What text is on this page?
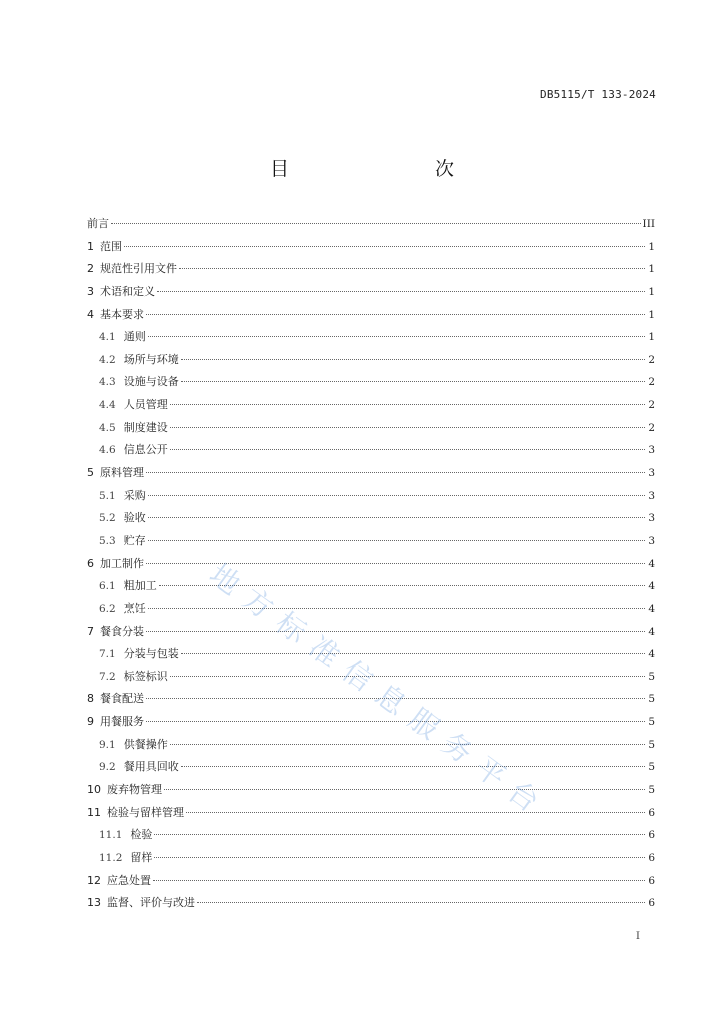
DB5115/T 133-2024
目　　次
前言	III
1 范围	1
2 规范性引用文件	1
3 术语和定义	1
4 基本要求	1
4.1 通则	1
4.2 场所与环境	2
4.3 设施与设备	2
4.4 人员管理	2
4.5 制度建设	2
4.6 信息公开	3
5 原料管理	3
5.1 采购	3
5.2 验收	3
5.3 贮存	3
6 加工制作	4
6.1 粗加工	4
6.2 烹饪	4
7 餐食分装	4
7.1 分装与包装	4
7.2 标签标识	5
8 餐食配送	5
9 用餐服务	5
9.1 供餐操作	5
9.2 餐用具回收	5
10 废弃物管理	5
11 检验与留样管理	6
11.1 检验	6
11.2 留样	6
12 应急处置	6
13 监督、评价与改进	6
I
地方标准信息服务平台
